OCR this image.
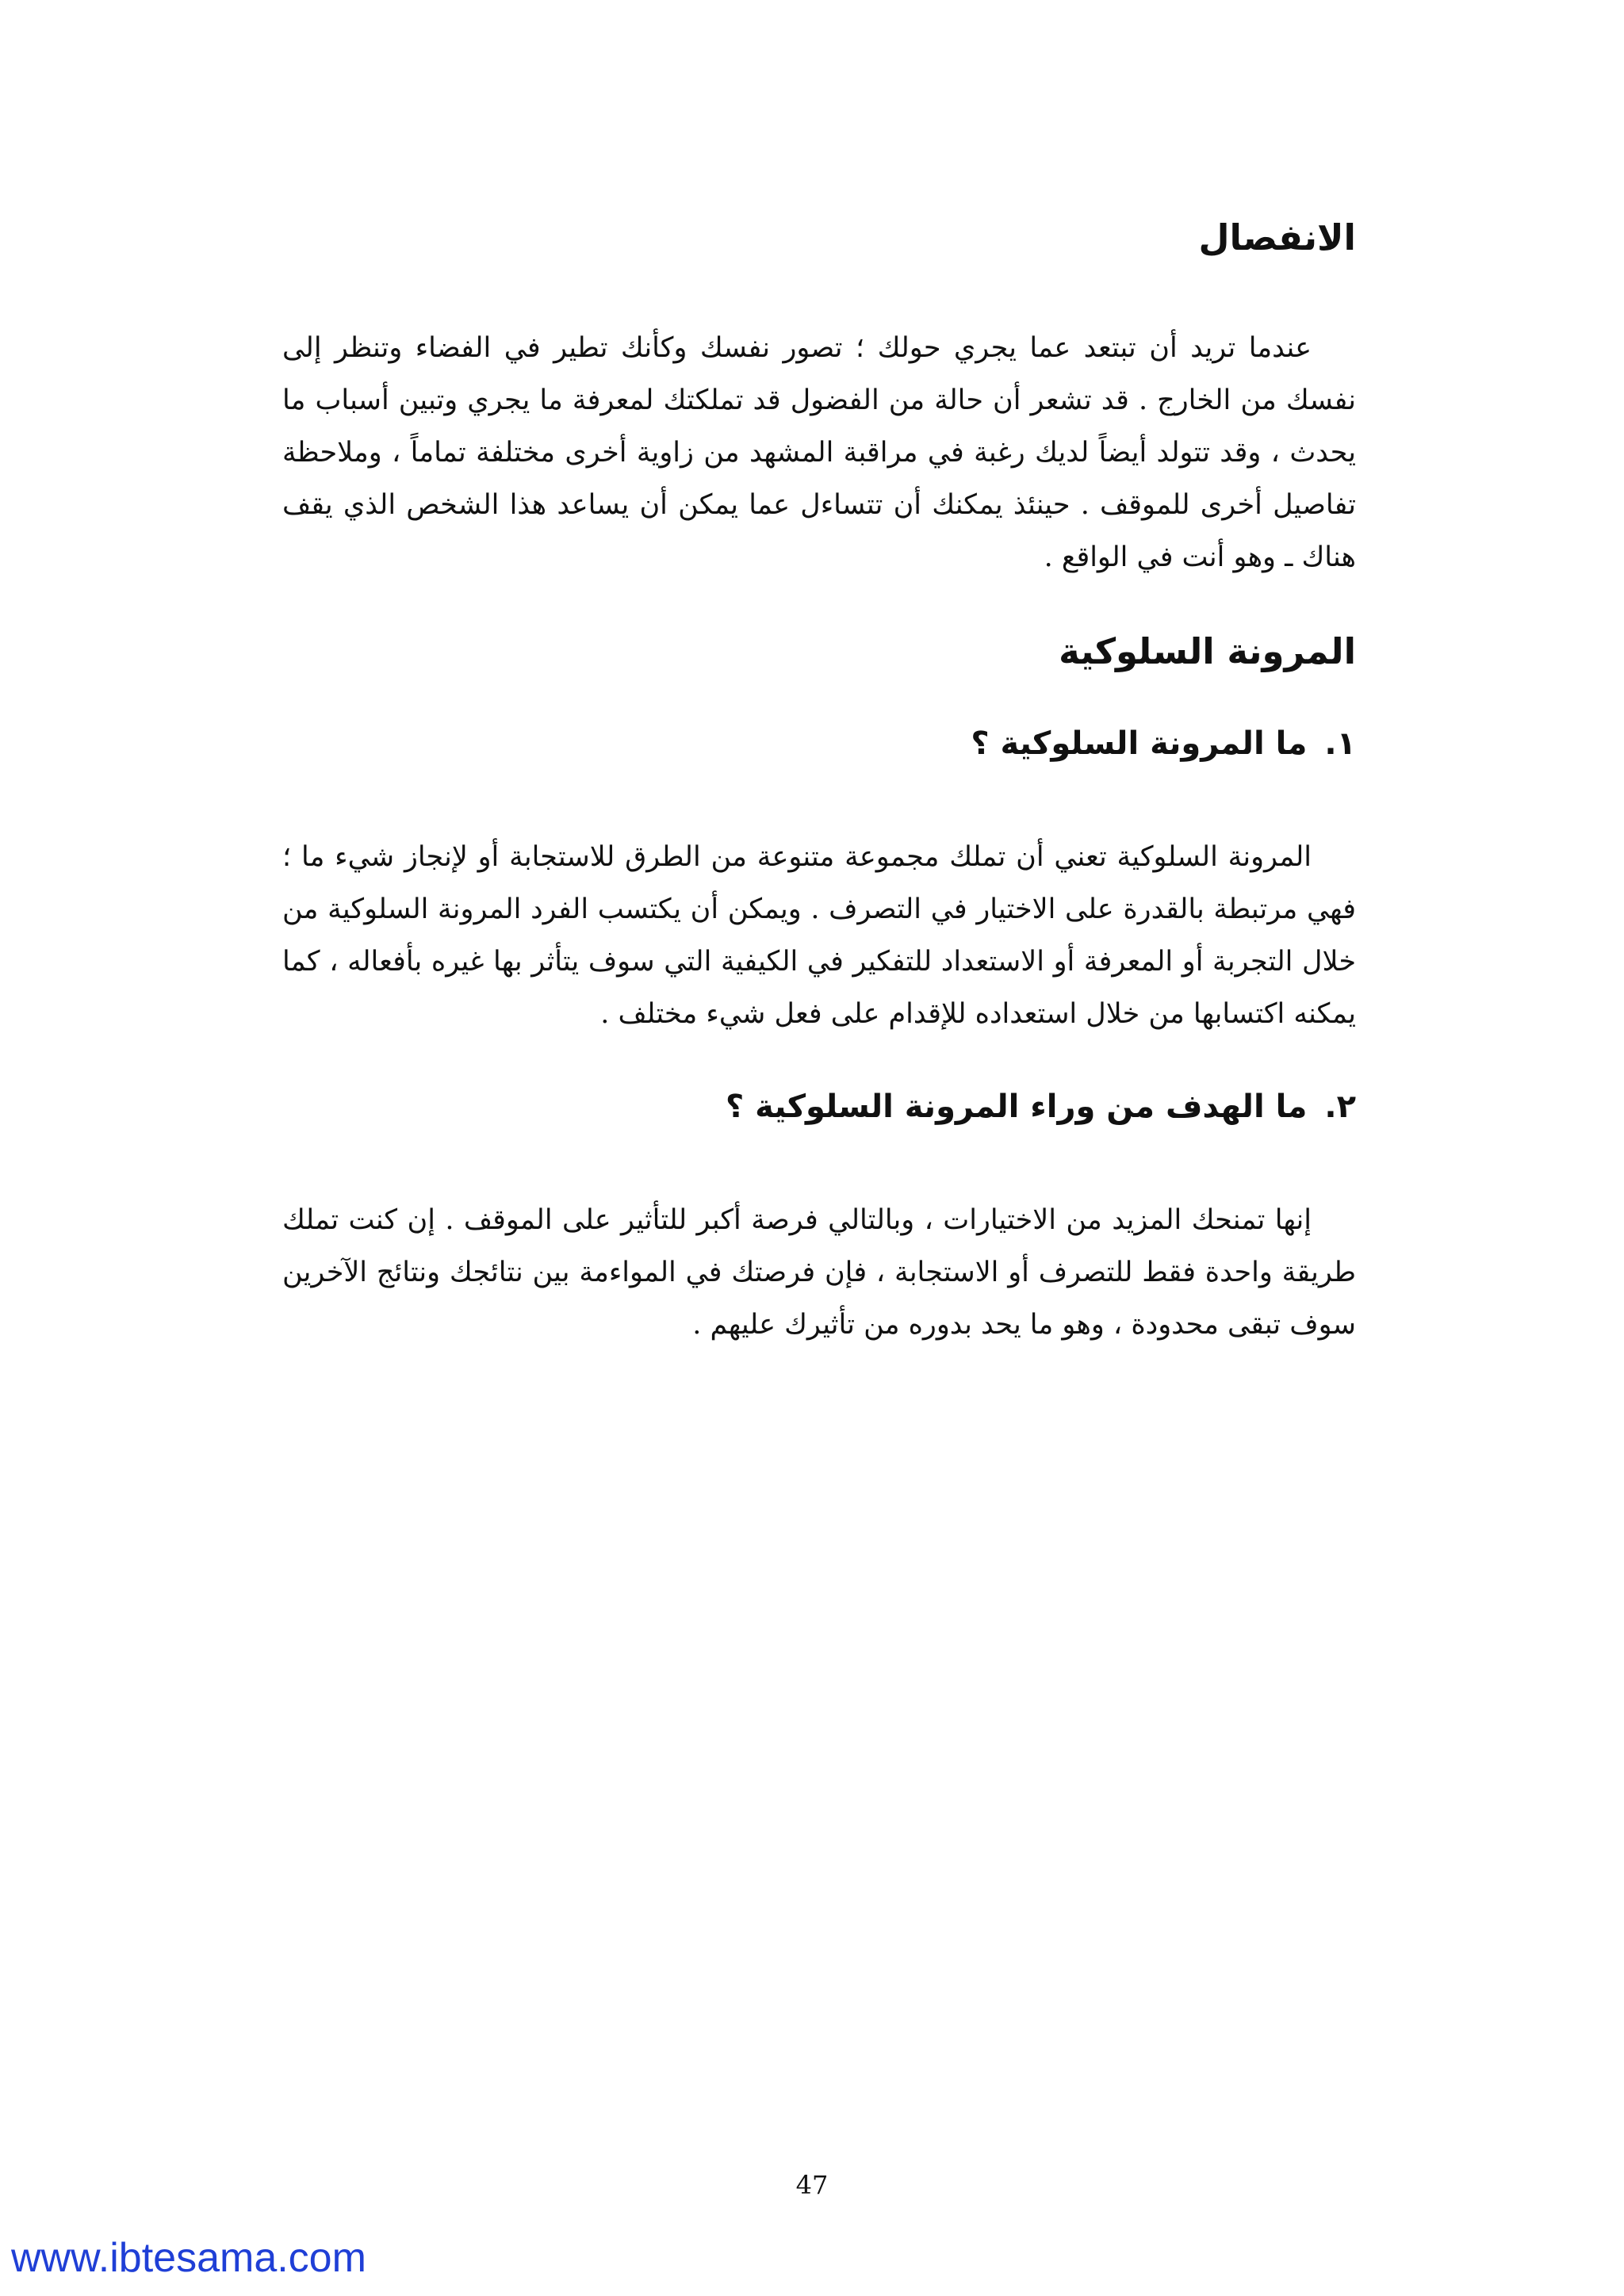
الانفصال

عندما تريد أن تبتعد عما يجري حولك ؛ تصور نفسك وكأنك تطير في الفضاء وتنظر إلى نفسك من الخارج . قد تشعر أن حالة من الفضول قد تملكتك لمعرفة ما يجري وتبين أسباب ما يحدث ، وقد تتولد أيضاً لديك رغبة في مراقبة المشهد من زاوية أخرى مختلفة تماماً ، وملاحظة تفاصيل أخرى للموقف . حينئذ يمكنك أن تتساءل عما يمكن أن يساعد هذا الشخص الذي يقف هناك ـ وهو أنت في الواقع .

المرونة السلوكية
١.ما المرونة السلوكية ؟

المرونة السلوكية تعني أن تملك مجموعة متنوعة من الطرق للاستجابة أو لإنجاز شيء ما ؛ فهي مرتبطة بالقدرة على الاختيار في التصرف . ويمكن أن يكتسب الفرد المرونة السلوكية من خلال التجربة أو المعرفة أو الاستعداد للتفكير في الكيفية التي سوف يتأثر بها غيره بأفعاله ، كما يمكنه اكتسابها من خلال استعداده للإقدام على فعل شيء مختلف .

٢.ما الهدف من وراء المرونة السلوكية ؟

إنها تمنحك المزيد من الاختيارات ، وبالتالي فرصة أكبر للتأثير على الموقف . إن كنت تملك طريقة واحدة فقط للتصرف أو الاستجابة ، فإن فرصتك في المواءمة بين نتائجك ونتائج الآخرين سوف تبقى محدودة ، وهو ما يحد بدوره من تأثيرك عليهم .

47
www.ibtesama.com
